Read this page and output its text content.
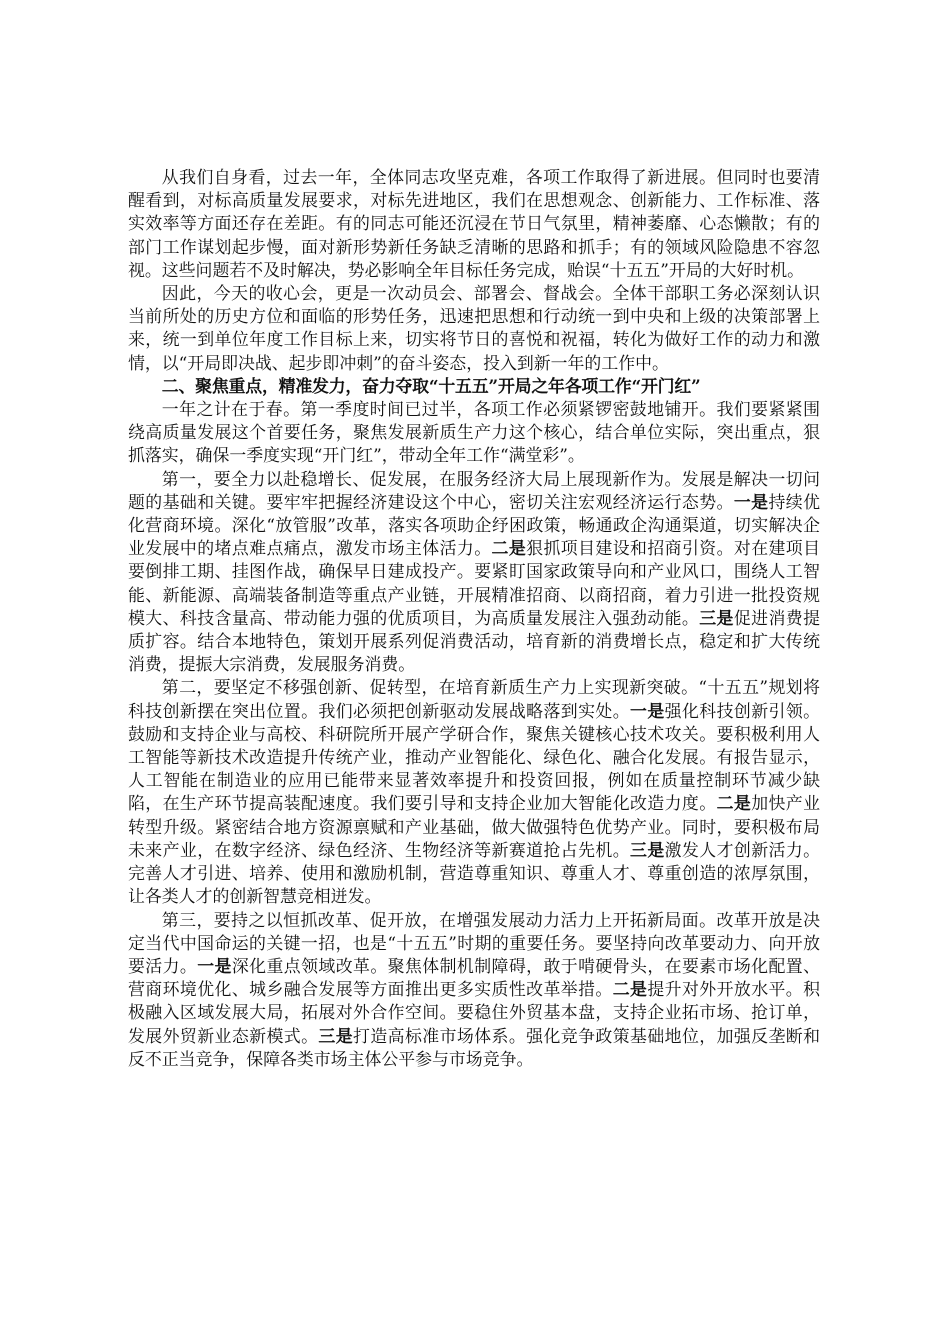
从我们自身看，过去一年，全体同志攻坚克难，各项工作取得了新进展。但同时也要清醒看到，对标高质量发展要求，对标先进地区，我们在思想观念、创新能力、工作标准、落实效率等方面还存在差距。有的同志可能还沉浸在节日气氛里，精神萎靡、心态懒散；有的部门工作谋划起步慢，面对新形势新任务缺乏清晰的思路和抓手；有的领域风险隐患不容忽视。这些问题若不及时解决，势必影响全年目标任务完成，贻误“十五五”开局的大好时机。

因此，今天的收心会，更是一次动员会、部署会、督战会。全体干部职工务必深刻认识当前所处的历史方位和面临的形势任务，迅速把思想和行动统一到中央和上级的决策部署上来，统一到单位年度工作目标上来，切实将节日的喜悦和祝福，转化为做好工作的动力和激情，以“开局即决战、起步即冲刺”的奋斗姿态，投入到新一年的工作中。

二、聚焦重点，精准发力，奋力夺取“十五五”开局之年各项工作“开门红”

一年之计在于春。第一季度时间已过半，各项工作必须紧锣密鼓地铺开。我们要紧紧围绕高质量发展这个首要任务，聚焦发展新质生产力这个核心，结合单位实际，突出重点，狠抓落实，确保一季度实现“开门红”，带动全年工作“满堂彩”。

第一，要全力以赴稳增长、促发展，在服务经济大局上展现新作为。发展是解决一切问题的基础和关键。要牢牢把握经济建设这个中心，密切关注宏观经济运行态势。一是持续优化营商环境。深化“放管服”改革，落实各项助企纾困政策，畅通政企沟通渠道，切实解决企业发展中的堵点难点痛点，激发市场主体活力。二是狠抓项目建设和招商引资。对在建项目要倒排工期、挂图作战，确保早日建成投产。要紧盯国家政策导向和产业风口，围绕人工智能、新能源、高端装备制造等重点产业链，开展精准招商、以商招商，着力引进一批投资规模大、科技含量高、带动能力强的优质项目，为高质量发展注入强劲动能。三是促进消费提质扩容。结合本地特色，策划开展系列促消费活动，培育新的消费增长点，稳定和扩大传统消费，提振大宗消费，发展服务消费。

第二，要坚定不移强创新、促转型，在培育新质生产力上实现新突破。“十五五”规划将科技创新摆在突出位置。我们必须把创新驱动发展战略落到实处。一是强化科技创新引领。鼓励和支持企业与高校、科研院所开展产学研合作，聚焦关键核心技术攻关。要积极利用人工智能等新技术改造提升传统产业，推动产业智能化、绿色化、融合化发展。有报告显示，人工智能在制造业的应用已能带来显著效率提升和投资回报，例如在质量控制环节减少缺陷，在生产环节提高装配速度。我们要引导和支持企业加大智能化改造力度。二是加快产业转型升级。紧密结合地方资源禀赋和产业基础，做大做强特色优势产业。同时，要积极布局未来产业，在数字经济、绿色经济、生物经济等新赛道抢占先机。三是激发人才创新活力。完善人才引进、培养、使用和激励机制，营造尊重知识、尊重人才、尊重创造的浓厚氛围，让各类人才的创新智慧竞相迸发。

第三，要持之以恒抓改革、促开放，在增强发展动力活力上开拓新局面。改革开放是决定当代中国命运的关键一招，也是“十五五”时期的重要任务。要坚持向改革要动力、向开放要活力。一是深化重点领域改革。聚焦体制机制障碍，敢于啃硬骨头，在要素市场化配置、营商环境优化、城乡融合发展等方面推出更多实质性改革举措。二是提升对外开放水平。积极融入区域发展大局，拓展对外合作空间。要稳住外贸基本盘，支持企业拓市场、抢订单，发展外贸新业态新模式。三是打造高标准市场体系。强化竞争政策基础地位，加强反垄断和反不正当竞争，保障各类市场主体公平参与市场竞争。
